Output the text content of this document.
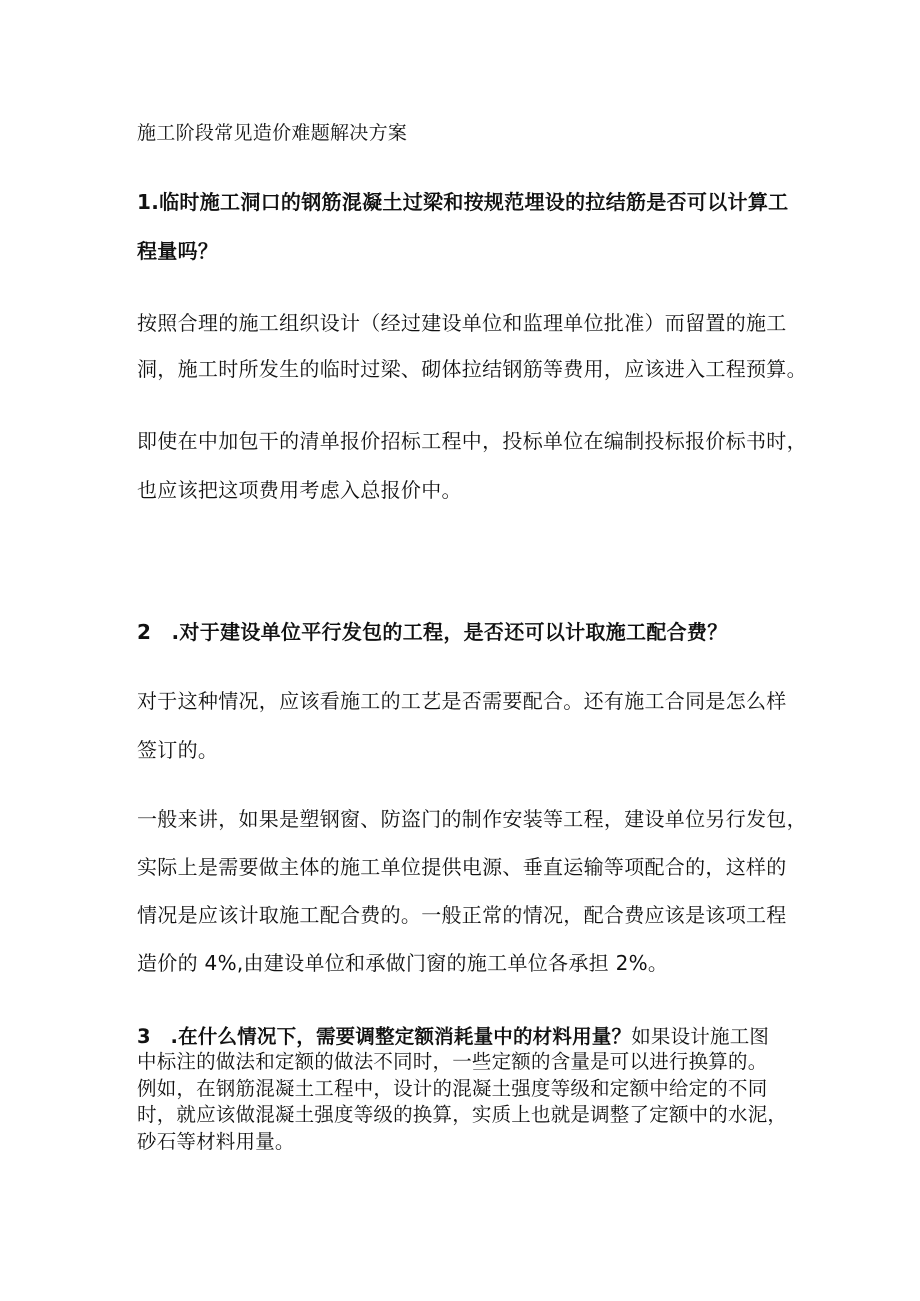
施工阶段常见造价难题解决方案
1.临时施工洞口的钢筋混凝土过梁和按规范埋设的拉结筋是否可以计算工
程量吗？
按照合理的施工组织设计（经过建设单位和监理单位批准）而留置的施工
洞，施工时所发生的临时过梁、砌体拉结钢筋等费用，应该进入工程预算。
即使在中加包干的清单报价招标工程中，投标单位在编制投标报价标书时，
也应该把这项费用考虑入总报价中。
2　.对于建设单位平行发包的工程，是否还可以计取施工配合费？
对于这种情况，应该看施工的工艺是否需要配合。还有施工合同是怎么样
签订的。
一般来讲，如果是塑钢窗、防盗门的制作安装等工程，建设单位另行发包，
实际上是需要做主体的施工单位提供电源、垂直运输等项配合的，这样的
情况是应该计取施工配合费的。一般正常的情况，配合费应该是该项工程
造价的 4%,由建设单位和承做门窗的施工单位各承担 2%。
3　.在什么情况下，需要调整定额消耗量中的材料用量？如果设计施工图
中标注的做法和定额的做法不同时，一些定额的含量是可以进行换算的。
例如，在钢筋混凝土工程中，设计的混凝土强度等级和定额中给定的不同
时，就应该做混凝土强度等级的换算，实质上也就是调整了定额中的水泥，
砂石等材料用量。
